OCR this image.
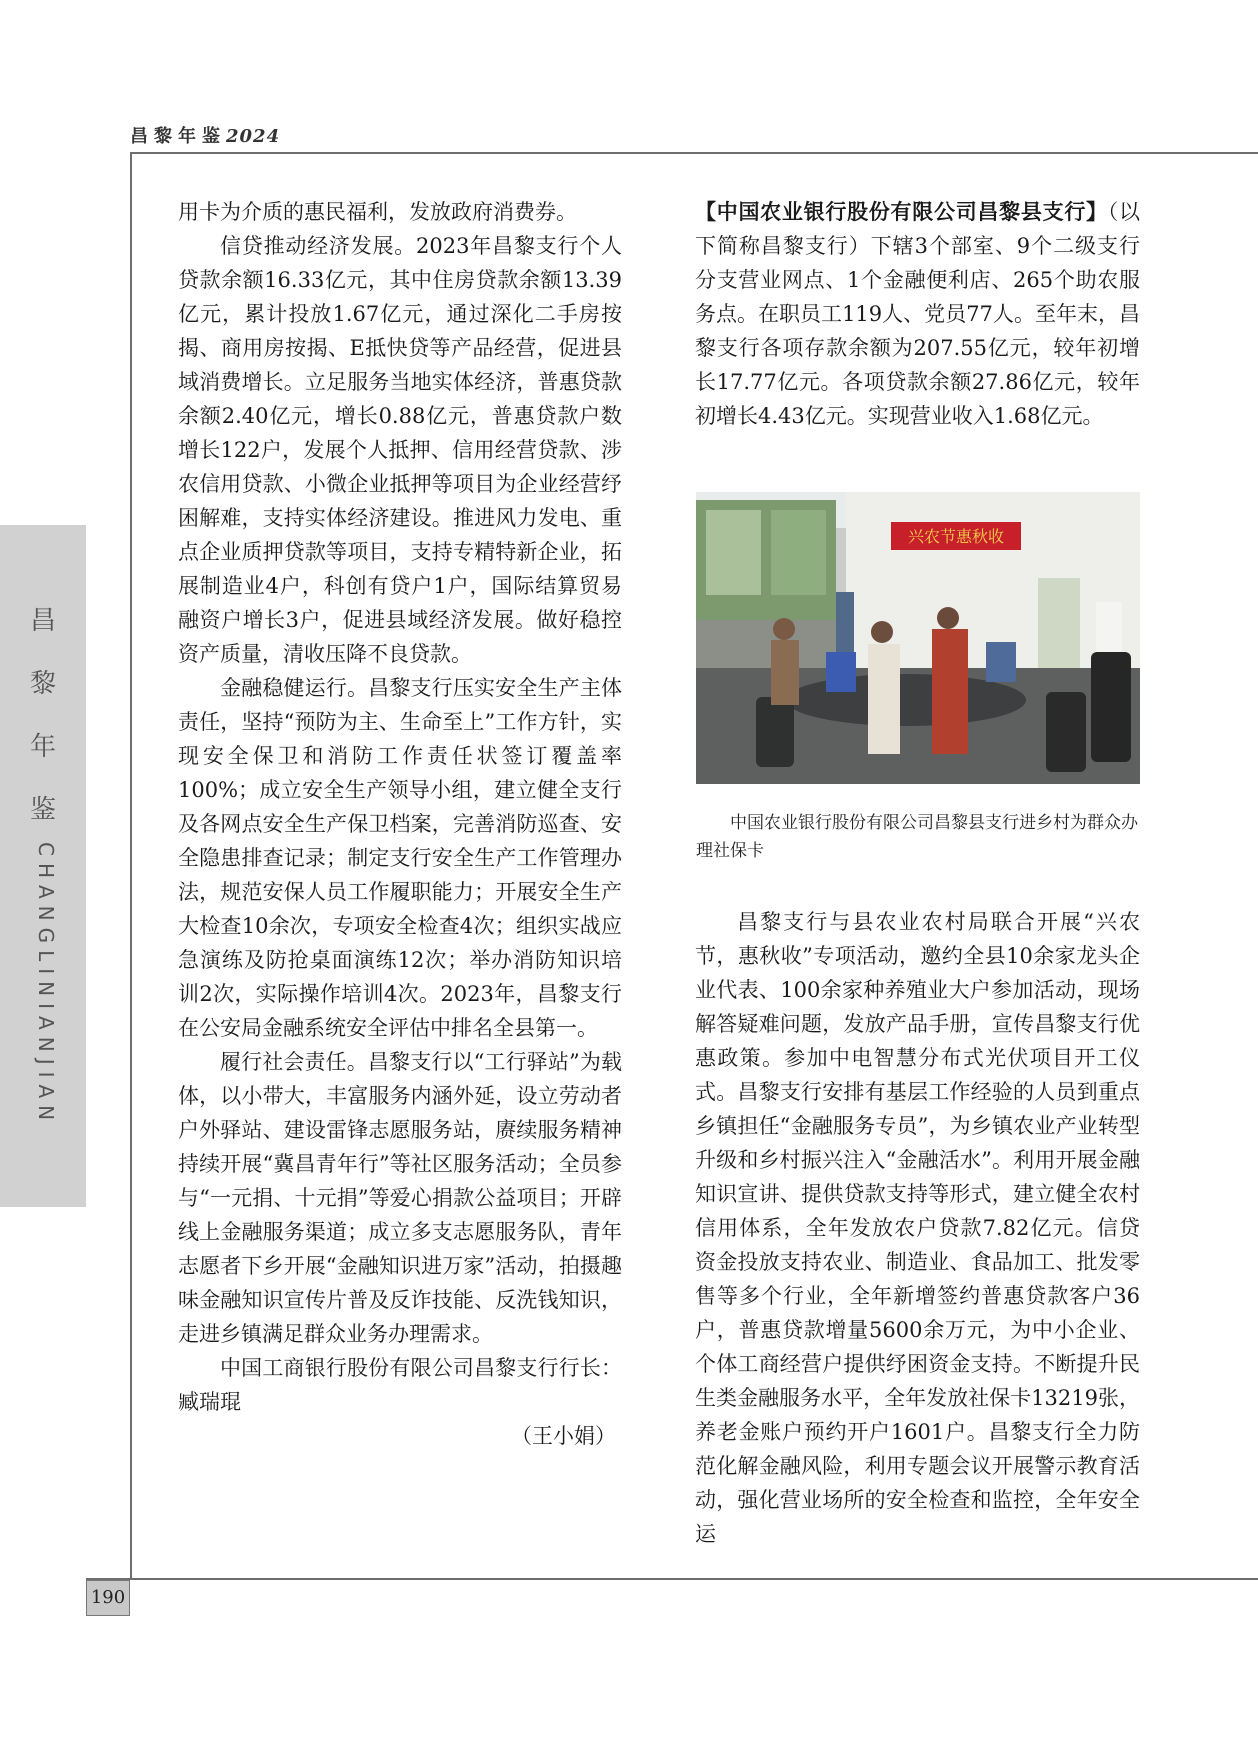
昌黎年鉴2024
昌
黎
年
鉴
CHANGLINIANJIAN
190

用卡为介质的惠民福利，发放政府消费券。

信贷推动经济发展。2023年昌黎支行个人贷款余额16.33亿元，其中住房贷款余额13.39亿元，累计投放1.67亿元，通过深化二手房按揭、商用房按揭、E抵快贷等产品经营，促进县域消费增长。立足服务当地实体经济，普惠贷款余额2.40亿元，增长0.88亿元，普惠贷款户数增长122户，发展个人抵押、信用经营贷款、涉农信用贷款、小微企业抵押等项目为企业经营纾困解难，支持实体经济建设。推进风力发电、重点企业质押贷款等项目，支持专精特新企业，拓展制造业4户，科创有贷户1户，国际结算贸易融资户增长3户，促进县域经济发展。做好稳控资产质量，清收压降不良贷款。

金融稳健运行。昌黎支行压实安全生产主体责任，坚持“预防为主、生命至上”工作方针，实现安全保卫和消防工作责任状签订覆盖率100%；成立安全生产领导小组，建立健全支行及各网点安全生产保卫档案，完善消防巡查、安全隐患排查记录；制定支行安全生产工作管理办法，规范安保人员工作履职能力；开展安全生产大检查10余次，专项安全检查4次；组织实战应急演练及防抢桌面演练12次；举办消防知识培训2次，实际操作培训4次。2023年，昌黎支行在公安局金融系统安全评估中排名全县第一。

履行社会责任。昌黎支行以“工行驿站”为载体，以小带大，丰富服务内涵外延，设立劳动者户外驿站、建设雷锋志愿服务站，赓续服务精神持续开展“冀昌青年行”等社区服务活动；全员参与“一元捐、十元捐”等爱心捐款公益项目；开辟线上金融服务渠道；成立多支志愿服务队，青年志愿者下乡开展“金融知识进万家”活动，拍摄趣味金融知识宣传片普及反诈技能、反洗钱知识，走进乡镇满足群众业务办理需求。

中国工商银行股份有限公司昌黎支行行长：臧瑞琨

（王小娟）

【中国农业银行股份有限公司昌黎县支行】（以下简称昌黎支行）下辖3个部室、9个二级支行分支营业网点、1个金融便利店、265个助农服务点。在职员工119人、党员77人。至年末，昌黎支行各项存款余额为207.55亿元，较年初增长17.77亿元。各项贷款余额27.86亿元，较年初增长4.43亿元。实现营业收入1.68亿元。

兴农节惠秋收
中国农业银行股份有限公司昌黎县支行进乡村为群众办理社保卡

昌黎支行与县农业农村局联合开展“兴农节，惠秋收”专项活动，邀约全县10余家龙头企业代表、100余家种养殖业大户参加活动，现场解答疑难问题，发放产品手册，宣传昌黎支行优惠政策。参加中电智慧分布式光伏项目开工仪式。昌黎支行安排有基层工作经验的人员到重点乡镇担任“金融服务专员”，为乡镇农业产业转型升级和乡村振兴注入“金融活水”。利用开展金融知识宣讲、提供贷款支持等形式，建立健全农村信用体系，全年发放农户贷款7.82亿元。信贷资金投放支持农业、制造业、食品加工、批发零售等多个行业，全年新增签约普惠贷款客户36户，普惠贷款增量5600余万元，为中小企业、个体工商经营户提供纾困资金支持。不断提升民生类金融服务水平，全年发放社保卡13219张，养老金账户预约开户1601户。昌黎支行全力防范化解金融风险，利用专题会议开展警示教育活动，强化营业场所的安全检查和监控，全年安全运
